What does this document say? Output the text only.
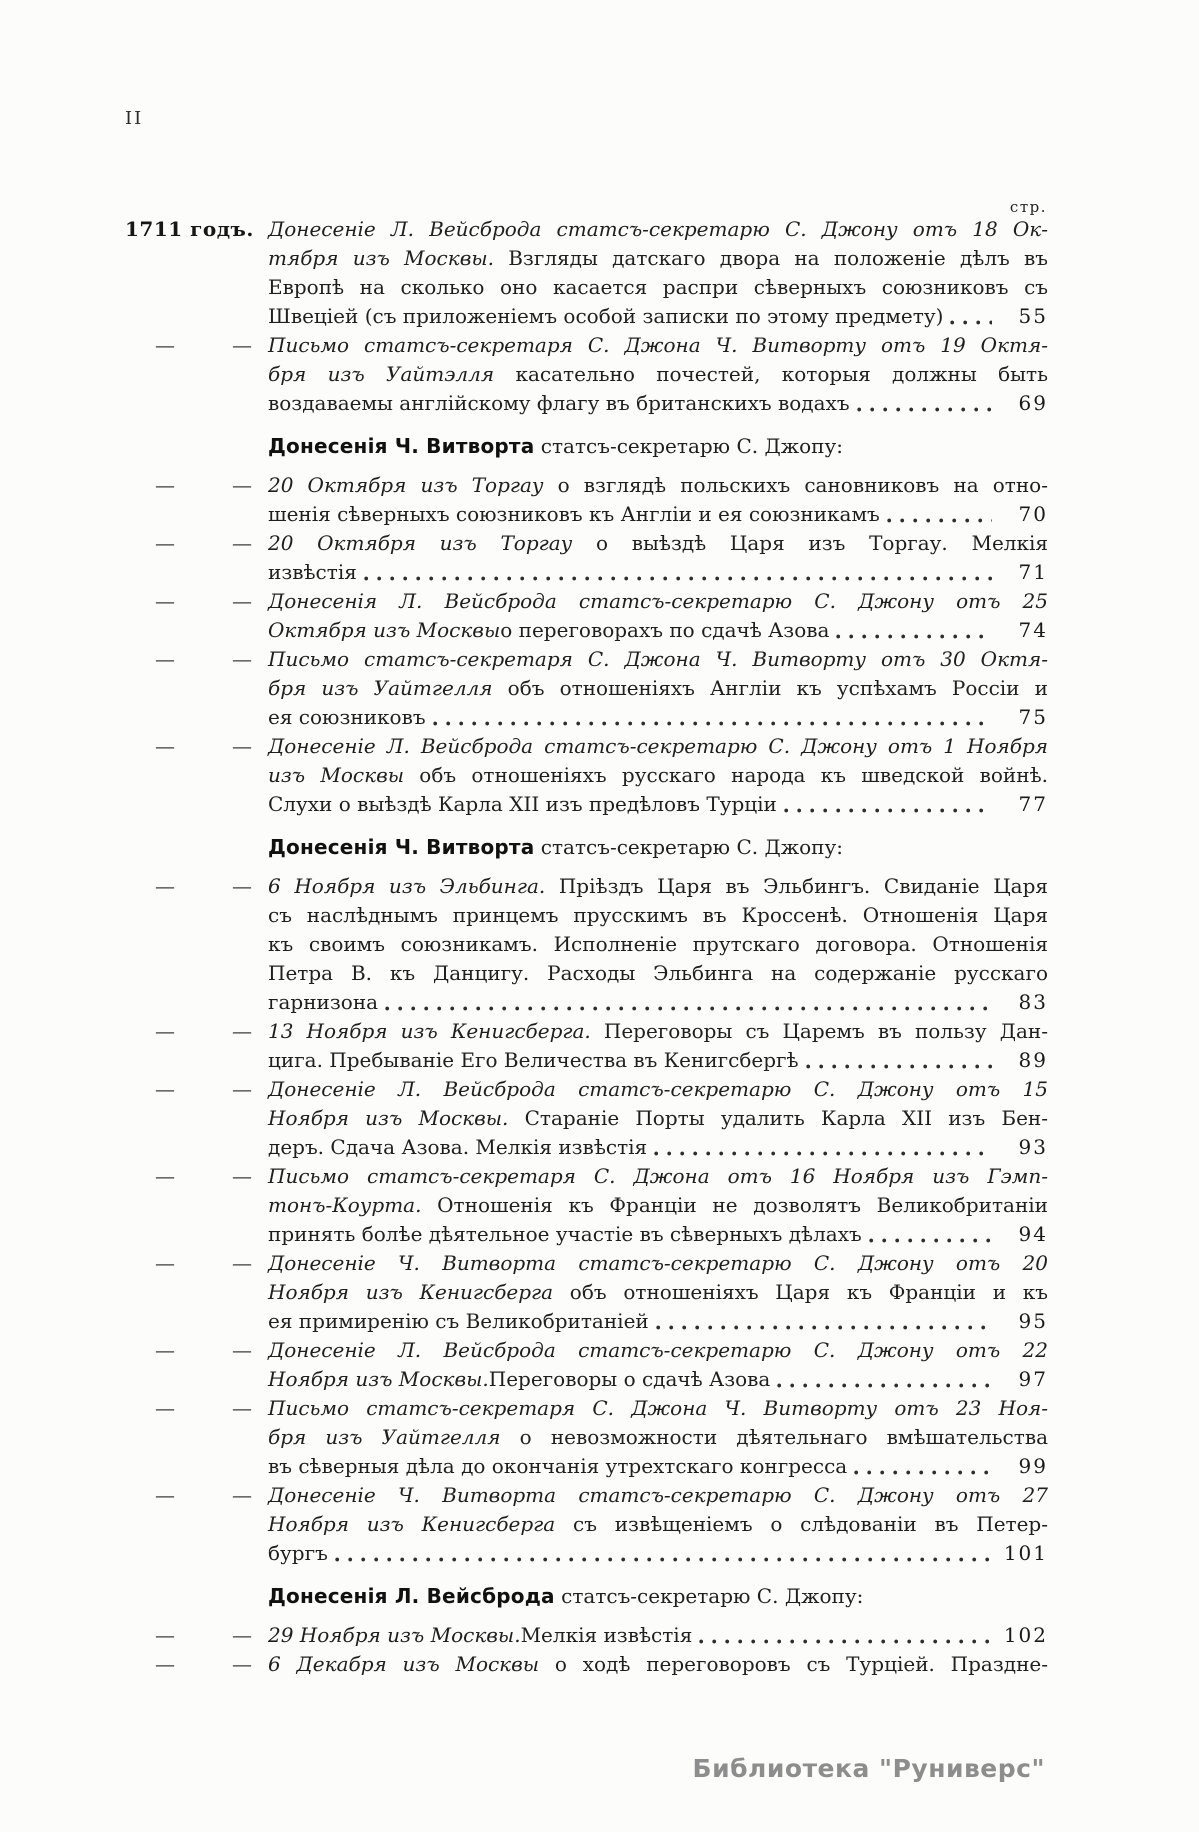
II
стр.
1711 годъ. Донесеніе Л. Вейсброда статсъ-секретарю С. Джону отъ 18 Ок-
тября изъ Москвы. Взгляды датскаго двора на положеніе дѣлъ въ
Европѣ на сколько оно касается распри сѣверныхъ союзниковъ съ
Швеціей (съ приложеніемъ особой записки по этому предмету)	55
—	— Письмо статсъ-секретаря С. Джона Ч. Витворту отъ 19 Октя-
бря изъ Уайтэлля касательно почестей, которыя должны быть
воздаваемы англійскому флагу въ британскихъ водахъ	69
Донесенія Ч. Витворта статсъ-секретарю С. Джопу:
—	— 20 Октября изъ Торгау о взглядѣ польскихъ сановниковъ на отно-
шенія сѣверныхъ союзниковъ къ Англіи и ея союзникамъ	70
—	— 20 Октября изъ Торгау о выѣздѣ Царя изъ Торгау. Мелкія
извѣстія	71
—	— Донесенія Л. Вейсброда статсъ-секретарю С. Джону отъ 25
Октября изъ Москвы о переговорахъ по сдачѣ Азова	74
—	— Письмо статсъ-секретаря С. Джона Ч. Витворту отъ 30 Октя-
бря изъ Уайтгелля объ отношеніяхъ Англіи къ успѣхамъ Россіи и
ея союзниковъ	75
—	— Донесеніе Л. Вейсброда статсъ-секретарю С. Джону отъ 1 Ноября
изъ Москвы объ отношеніяхъ русскаго народа къ шведской войнѣ.
Слухи о выѣздѣ Карла XII изъ предѣловъ Турціи	77
Донесенія Ч. Витворта статсъ-секретарю С. Джопу:
—	— 6 Ноября изъ Эльбинга. Пріѣздъ Царя въ Эльбингъ. Свиданіе Царя
съ наслѣднымъ принцемъ прусскимъ въ Кроссенѣ. Отношенія Царя
къ своимъ союзникамъ. Исполненіе прутскаго договора. Отношенія
Петра В. къ Данцигу. Расходы Эльбинга на содержаніе русскаго
гарнизона	83
—	— 13 Ноября изъ Кенигсберга. Переговоры съ Царемъ въ пользу Дан-
цига. Пребываніе Его Величества въ Кенигсбергѣ	89
—	— Донесеніе Л. Вейсброда статсъ-секретарю С. Джону отъ 15
Ноября изъ Москвы. Стараніе Порты удалить Карла XII изъ Бен-
деръ. Сдача Азова. Мелкія извѣстія	93
—	— Письмо статсъ-секретаря С. Джона отъ 16 Ноября изъ Гэмп-
тонъ-Коурта. Отношенія къ Франціи не дозволятъ Великобританіи
принять болѣе дѣятельное участіе въ сѣверныхъ дѣлахъ	94
—	— Донесеніе Ч. Витворта статсъ-секретарю С. Джону отъ 20
Ноября изъ Кенигсберга объ отношеніяхъ Царя къ Франціи и къ
ея примиренію съ Великобританіей	95
—	— Донесеніе Л. Вейсброда статсъ-секретарю С. Джону отъ 22
Ноября изъ Москвы. Переговоры о сдачѣ Азова	97
—	— Письмо статсъ-секретаря С. Джона Ч. Витворту отъ 23 Ноя-
бря изъ Уайтгелля о невозможности дѣятельнаго вмѣшательства
въ сѣверныя дѣла до окончанія утрехтскаго конгресса	99
—	— Донесеніе Ч. Витворта статсъ-секретарю С. Джону отъ 27
Ноября изъ Кенигсберга съ извѣщеніемъ о слѣдованіи въ Петер-
бургъ	101
Донесенія Л. Вейсброда статсъ-секретарю С. Джопу:
—	— 29 Ноября изъ Москвы. Мелкія извѣстія	102
—	— 6 Декабря изъ Москвы о ходѣ переговоровъ съ Турціей. Праздне-
Библиотека "Руниверс"
